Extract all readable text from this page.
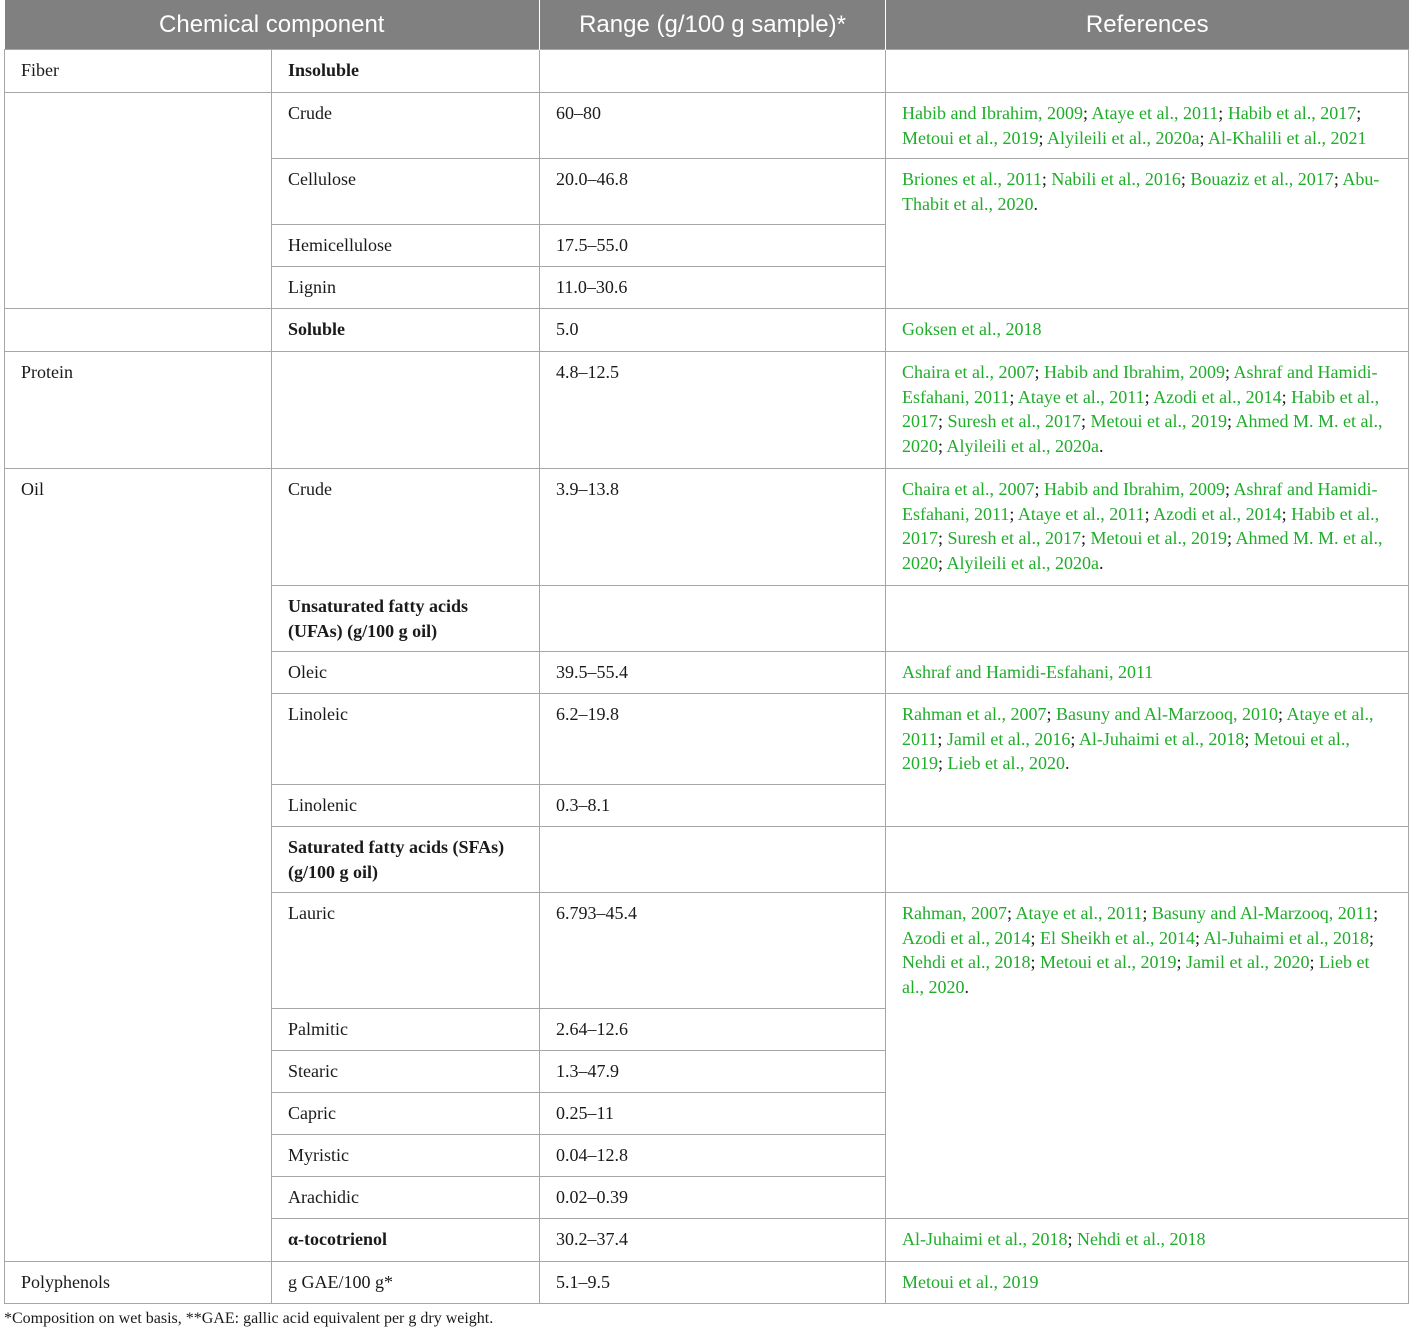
Chemical component		Range (g/100 g sample)*	References
Fiber	Insoluble		
	Crude	60–80	Habib and Ibrahim, 2009; Ataye et al., 2011; Habib et al., 2017; Metoui et al., 2019; Alyileili et al., 2020a; Al-Khalili et al., 2021
	Cellulose	20.0–46.8	Briones et al., 2011; Nabili et al., 2016; Bouaziz et al., 2017; Abu-Thabit et al., 2020.
	Hemicellulose	17.5–55.0	
	Lignin	11.0–30.6	
	Soluble	5.0	Goksen et al., 2018
Protein		4.8–12.5	Chaira et al., 2007; Habib and Ibrahim, 2009; Ashraf and Hamidi-Esfahani, 2011; Ataye et al., 2011; Azodi et al., 2014; Habib et al., 2017; Suresh et al., 2017; Metoui et al., 2019; Ahmed M. M. et al., 2020; Alyileili et al., 2020a.
Oil	Crude	3.9–13.8	Chaira et al., 2007; Habib and Ibrahim, 2009; Ashraf and Hamidi-Esfahani, 2011; Ataye et al., 2011; Azodi et al., 2014; Habib et al., 2017; Suresh et al., 2017; Metoui et al., 2019; Ahmed M. M. et al., 2020; Alyileili et al., 2020a.
	Unsaturated fatty acids (UFAs) (g/100 g oil)		
	Oleic	39.5–55.4	Ashraf and Hamidi-Esfahani, 2011
	Linoleic	6.2–19.8	Rahman et al., 2007; Basuny and Al-Marzooq, 2010; Ataye et al., 2011; Jamil et al., 2016; Al-Juhaimi et al., 2018; Metoui et al., 2019; Lieb et al., 2020.
	Linolenic	0.3–8.1	
	Saturated fatty acids (SFAs) (g/100 g oil)		
	Lauric	6.793–45.4	Rahman, 2007; Ataye et al., 2011; Basuny and Al-Marzooq, 2011; Azodi et al., 2014; El Sheikh et al., 2014; Al-Juhaimi et al., 2018; Nehdi et al., 2018; Metoui et al., 2019; Jamil et al., 2020; Lieb et al., 2020.
	Palmitic	2.64–12.6	
	Stearic	1.3–47.9	
	Capric	0.25–11	
	Myristic	0.04–12.8	
	Arachidic	0.02–0.39	
	α-tocotrienol	30.2–37.4	Al-Juhaimi et al., 2018; Nehdi et al., 2018
Polyphenols	g GAE/100 g*	5.1–9.5	Metoui et al., 2019
*Composition on wet basis, **GAE: gallic acid equivalent per g dry weight.
